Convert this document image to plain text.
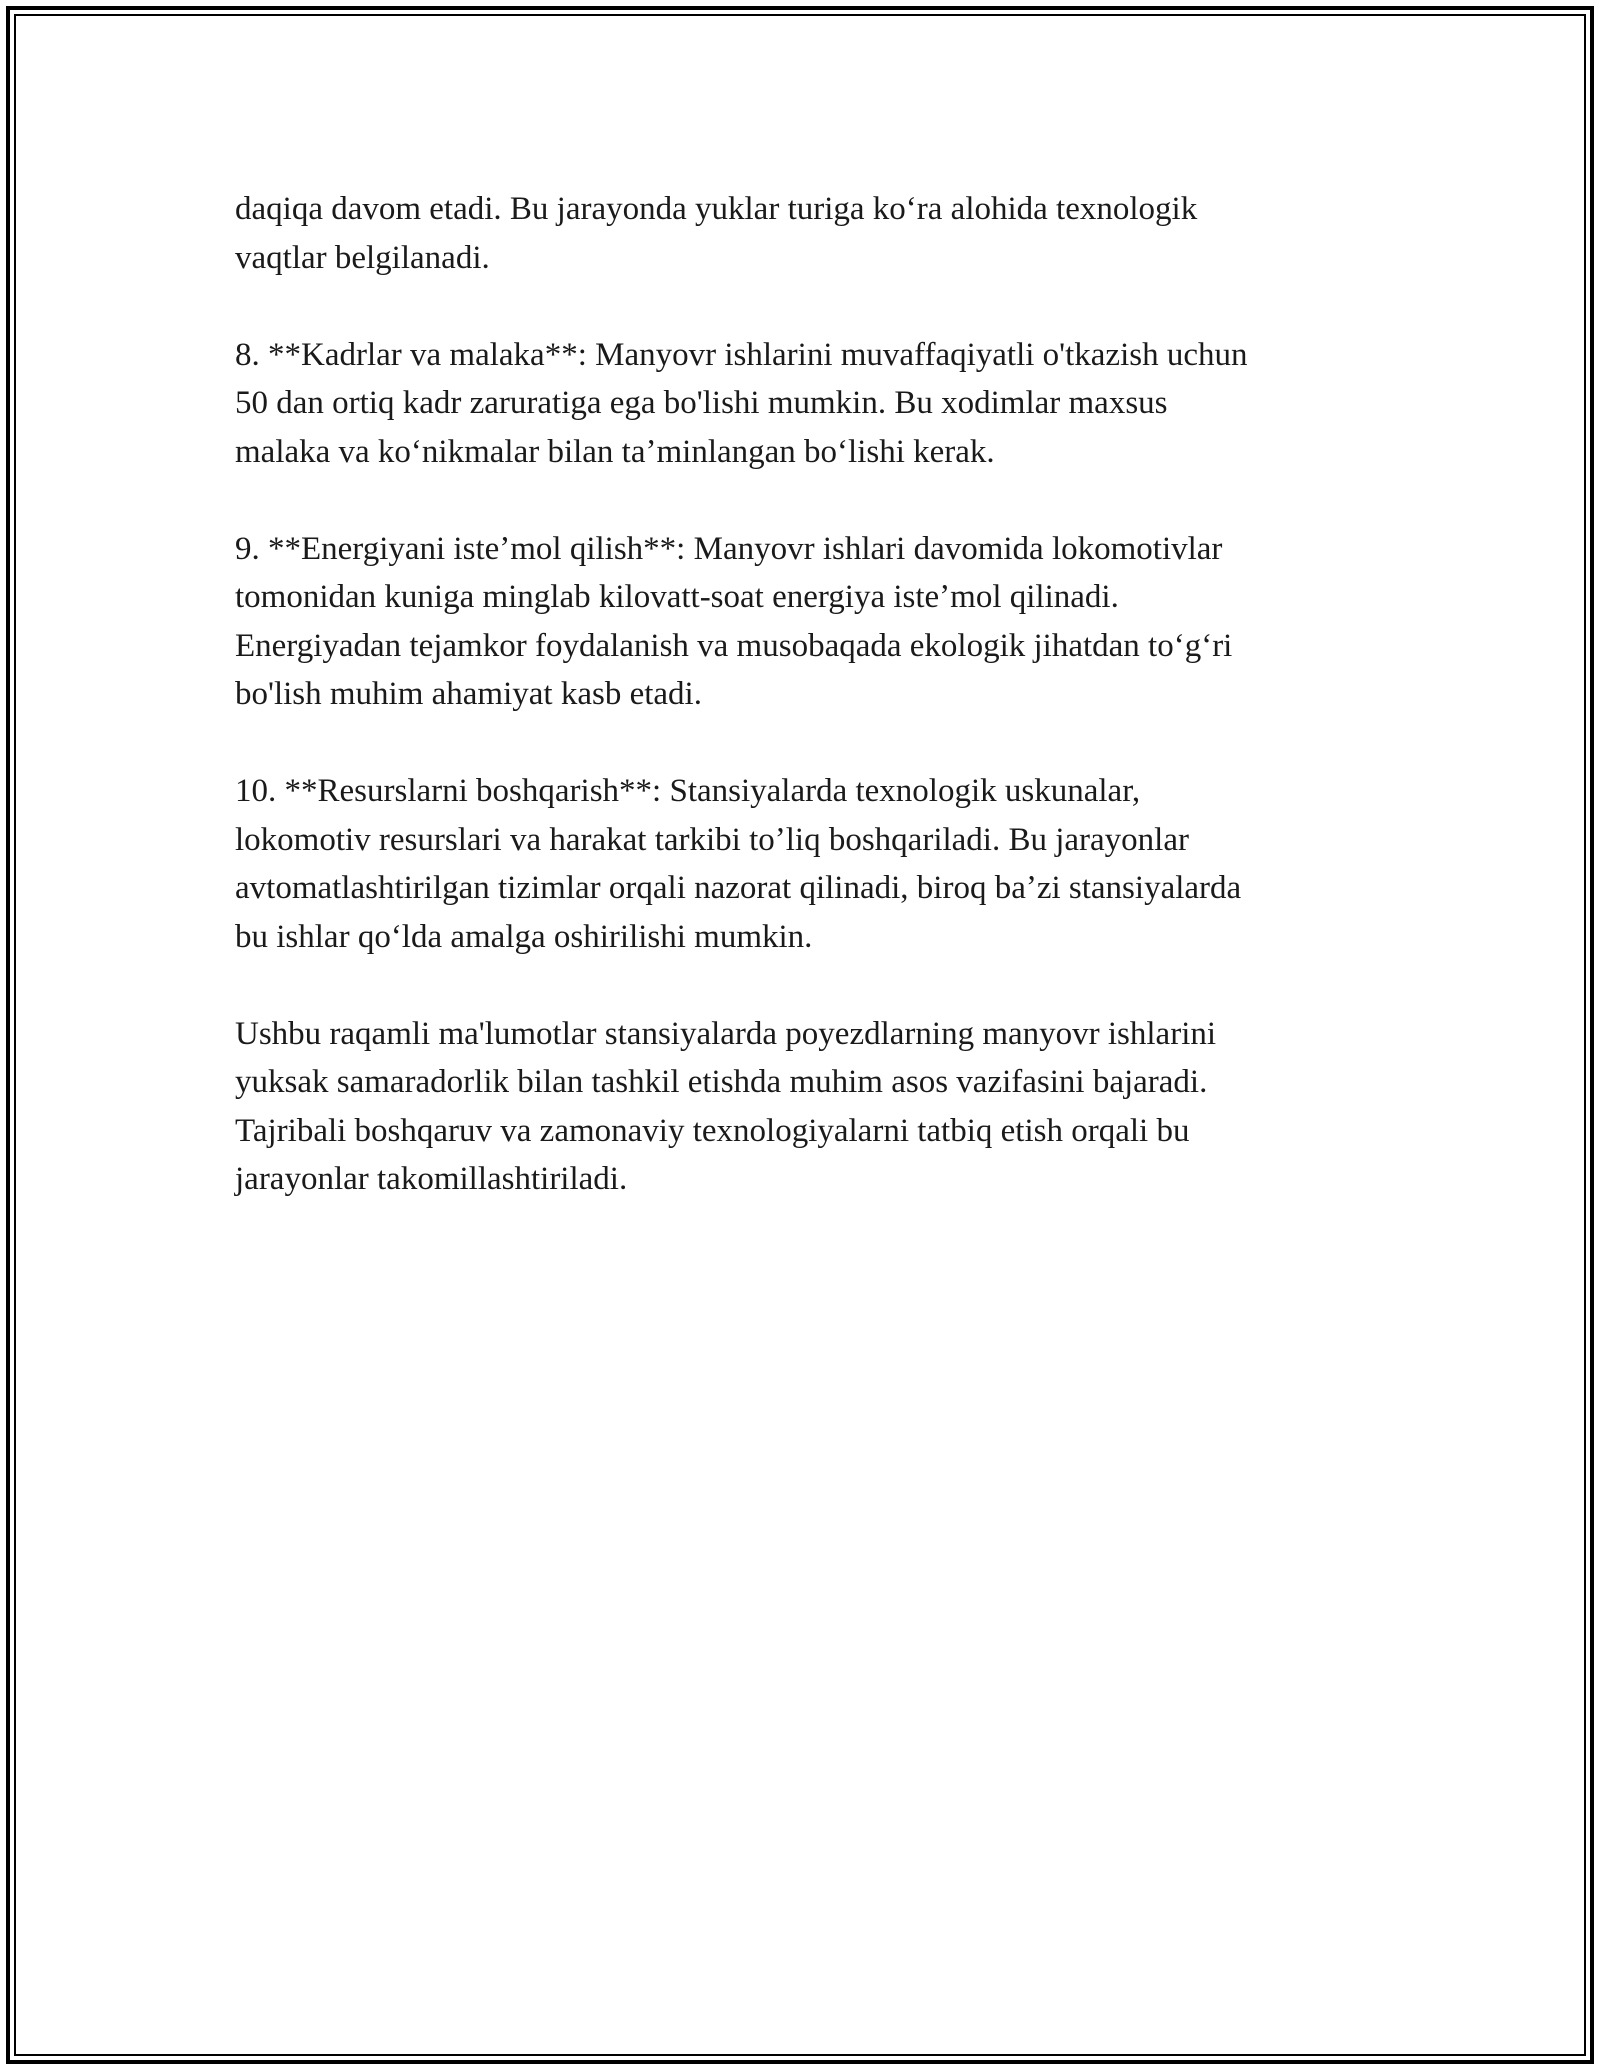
daqiqa davom etadi. Bu jarayonda yuklar turiga koʻra alohida texnologik
vaqtlar belgilanadi.

8. **Kadrlar va malaka**: Manyovr ishlarini muvaffaqiyatli o'tkazish uchun
50 dan ortiq kadr zaruratiga ega bo'lishi mumkin. Bu xodimlar maxsus
malaka va koʻnikmalar bilan taʼminlangan boʻlishi kerak.

9. **Energiyani isteʼmol qilish**: Manyovr ishlari davomida lokomotivlar
tomonidan kuniga minglab kilovatt-soat energiya isteʼmol qilinadi.
Energiyadan tejamkor foydalanish va musobaqada ekologik jihatdan toʻgʻri
bo'lish muhim ahamiyat kasb etadi.

10. **Resurslarni boshqarish**: Stansiyalarda texnologik uskunalar,
lokomotiv resurslari va harakat tarkibi toʼliq boshqariladi. Bu jarayonlar
avtomatlashtirilgan tizimlar orqali nazorat qilinadi, biroq baʼzi stansiyalarda
bu ishlar qoʻlda amalga oshirilishi mumkin.

Ushbu raqamli ma'lumotlar stansiyalarda poyezdlarning manyovr ishlarini
yuksak samaradorlik bilan tashkil etishda muhim asos vazifasini bajaradi.
Tajribali boshqaruv va zamonaviy texnologiyalarni tatbiq etish orqali bu
jarayonlar takomillashtiriladi.
